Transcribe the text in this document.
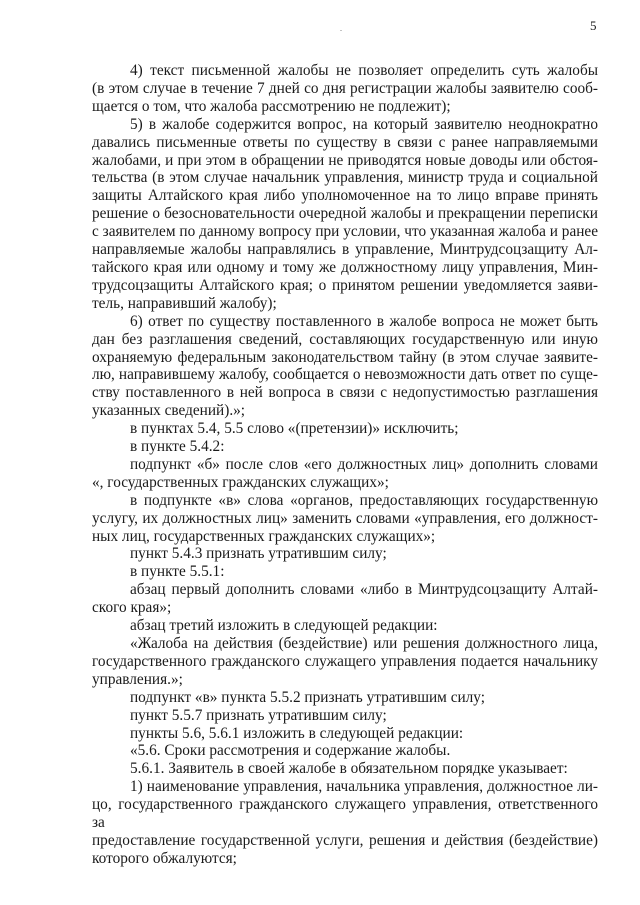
5
.
4) текст письменной жалобы не позволяет определить суть жалобы
(в этом случае в течение 7 дней со дня регистрации жалобы заявителю сооб-
щается о том, что жалоба рассмотрению не подлежит);
5) в жалобе содержится вопрос, на который заявителю неоднократно
давались письменные ответы по существу в связи с ранее направляемыми
жалобами, и при этом в обращении не приводятся новые доводы или обстоя-
тельства (в этом случае начальник управления, министр труда и социальной
защиты Алтайского края либо уполномоченное на то лицо вправе принять
решение о безосновательности очередной жалобы и прекращении переписки
с заявителем по данному вопросу при условии, что указанная жалоба и ранее
направляемые жалобы направлялись в управление, Минтрудсоцзащиту Ал-
тайского края или одному и тому же должностному лицу управления, Мин-
трудсоцзащиты Алтайского края; о принятом решении уведомляется заяви-
тель, направивший жалобу);
6) ответ по существу поставленного в жалобе вопроса не может быть
дан без разглашения сведений, составляющих государственную или иную
охраняемую федеральным законодательством тайну (в этом случае заявите-
лю, направившему жалобу, сообщается о невозможности дать ответ по суще-
ству поставленного в ней вопроса в связи с недопустимостью разглашения
указанных сведений).»;
в пунктах 5.4, 5.5 слово «(претензии)» исключить;
в пункте 5.4.2:
подпункт «б» после слов «его должностных лиц» дополнить словами
«, государственных гражданских служащих»;
в подпункте «в» слова «органов, предоставляющих государственную
услугу, их должностных лиц» заменить словами «управления, его должност-
ных лиц, государственных гражданских служащих»;
пункт 5.4.3 признать утратившим силу;
в пункте 5.5.1:
абзац первый дополнить словами «либо в Минтрудсоцзащиту Алтай-
ского края»;
абзац третий изложить в следующей редакции:
«Жалоба на действия (бездействие) или решения должностного лица,
государственного гражданского служащего управления подается начальнику
управления.»;
подпункт «в» пункта 5.5.2 признать утратившим силу;
пункт 5.5.7 признать утратившим силу;
пункты 5.6, 5.6.1 изложить в следующей редакции:
«5.6. Сроки рассмотрения и содержание жалобы.
5.6.1. Заявитель в своей жалобе в обязательном порядке указывает:
1) наименование управления, начальника управления, должностное ли-
цо, государственного гражданского служащего управления, ответственного за
предоставление государственной услуги, решения и действия (бездействие)
которого обжалуются;
